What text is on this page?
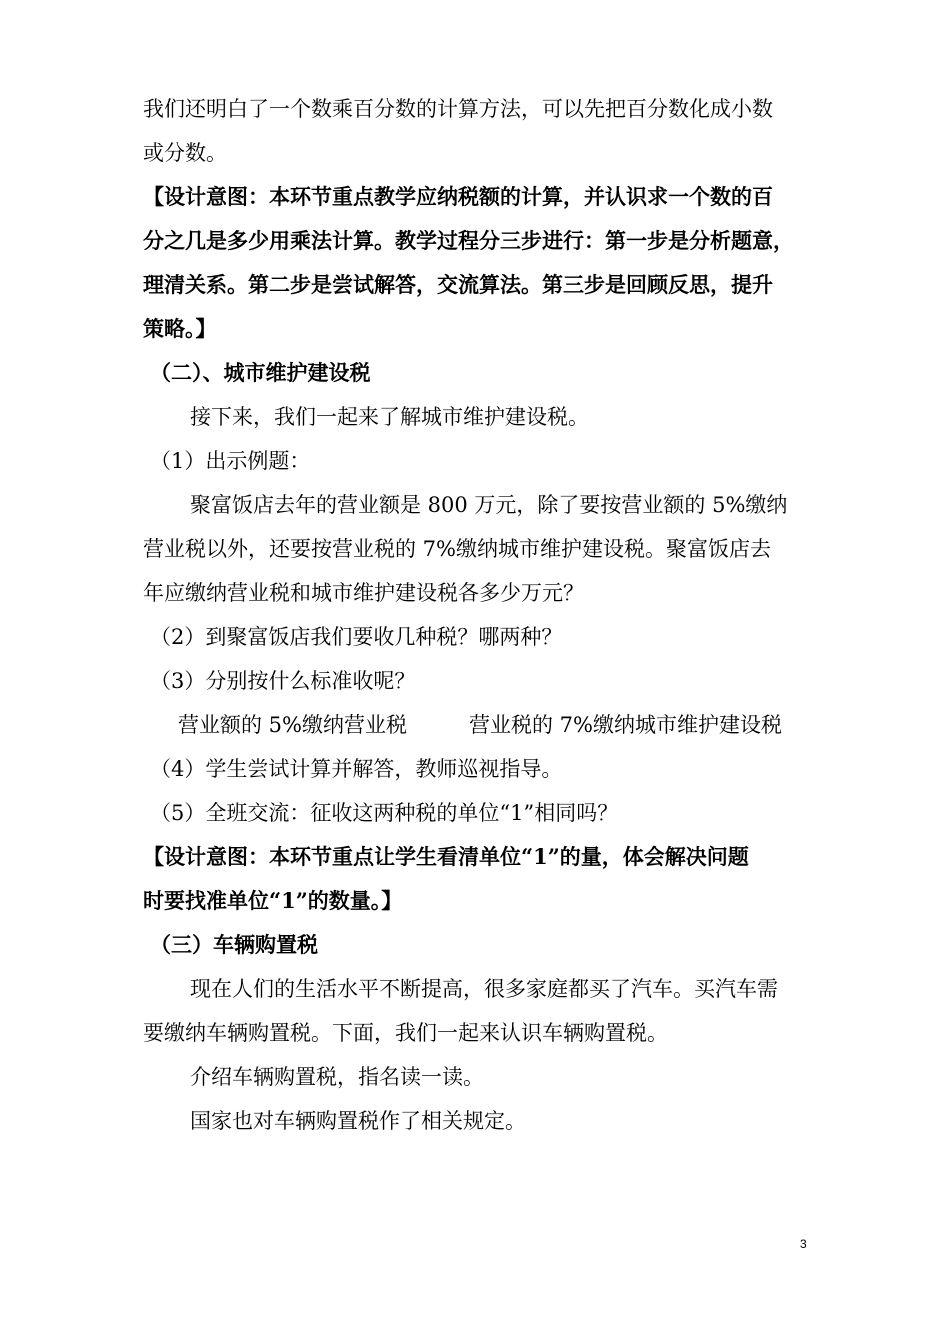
我们还明白了一个数乘百分数的计算方法，可以先把百分数化成小数
或分数。
【设计意图：本环节重点教学应纳税额的计算，并认识求一个数的百
分之几是多少用乘法计算。教学过程分三步进行：第一步是分析题意，
理清关系。第二步是尝试解答，交流算法。第三步是回顾反思，提升
策略。】
（二）、城市维护建设税
接下来，我们一起来了解城市维护建设税。
（1）出示例题：
聚富饭店去年的营业额是 800 万元，除了要按营业额的 5%缴纳
营业税以外，还要按营业税的 7%缴纳城市维护建设税。聚富饭店去
年应缴纳营业税和城市维护建设税各多少万元？
（2）到聚富饭店我们要收几种税？哪两种？
（3）分别按什么标准收呢？
营业额的 5%缴纳营业税	营业税的 7%缴纳城市维护建设税
（4）学生尝试计算并解答，教师巡视指导。
（5）全班交流：征收这两种税的单位“1”相同吗？
【设计意图：本环节重点让学生看清单位“1”的量，体会解决问题
时要找准单位“1”的数量。】
（三）车辆购置税
现在人们的生活水平不断提高，很多家庭都买了汽车。买汽车需
要缴纳车辆购置税。下面，我们一起来认识车辆购置税。
介绍车辆购置税，指名读一读。
国家也对车辆购置税作了相关规定。
3
